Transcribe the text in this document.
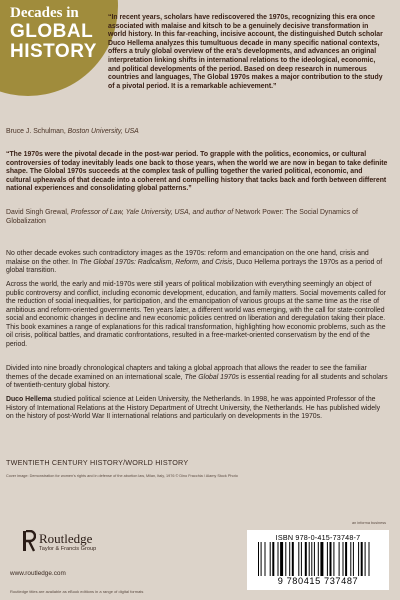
Decades in

GLOBAL

HISTORY

“In recent years, scholars have rediscovered the 1970s, recognizing this era once associated with malaise and kitsch to be a genuinely decisive transformation in world history. In this far-reaching, incisive account, the distinguished Dutch scholar Duco Hellema analyzes this tumultuous decade in many specific national contexts, offers a truly global overview of the era’s developments, and advances an original interpretation linking shifts in international relations to the ideological, economic, and political developments of the period. Based on deep research in numerous countries and languages, The Global 1970s makes a major contribution to the study of a pivotal period. It is a remarkable achievement.”
Bruce J. Schulman, Boston University, USA
“The 1970s were the pivotal decade in the post-war period. To grapple with the politics, economics, or cultural controversies of today inevitably leads one back to those years, when the world we are now in began to take definite shape. The Global 1970s succeeds at the complex task of pulling together the varied political, economic, and cultural upheavals of that decade into a coherent and compelling history that tacks back and forth between different national experiences and consolidating global patterns.”
David Singh Grewal, Professor of Law, Yale University, USA, and author of Network Power: The Social Dynamics of Globalization

No other decade evokes such contradictory images as the 1970s: reform and emancipation on the one hand, crisis and malaise on the other. In The Global 1970s: Radicalism, Reform, and Crisis, Duco Hellema portrays the 1970s as a period of global transition.

Across the world, the early and mid-1970s were still years of political mobilization with everything seemingly an object of public controversy and conflict, including economic development, education, and family matters. Social movements called for the reduction of social inequalities, for participation, and the emancipation of various groups at the same time as the rise of ambitious and reform-oriented governments. Ten years later, a different world was emerging, with the call for state-controlled social and economic changes in decline and new economic policies centred on liberation and deregulation taking their place. This book examines a range of explanations for this radical transformation, highlighting how economic problems, such as the oil crisis, political battles, and dramatic confrontations, resulted in a free-market-oriented conservatism by the end of the period.

Divided into nine broadly chronological chapters and taking a global approach that allows the reader to see the familiar themes of the decade examined on an international scale, The Global 1970s is essential reading for all students and scholars of twentieth-century global history.

Duco Hellema studied political science at Leiden University, the Netherlands. In 1998, he was appointed Professor of the History of International Relations at the History Department of Utrecht University, the Netherlands. He has published widely on the history of post-World War II international relations and particularly on developments in the 1970s.

TWENTIETH CENTURY HISTORY/WORLD HISTORY
Cover image: Demonstration for women's rights and in defense of the abortion law, Milan, Italy, 1976 © Dino Fracchia / Alamy Stock Photo
an informa business
Routledge
Taylor & Francis Group
www.routledge.com
Routledge titles are available as eBook editions in a range of digital formats
ISBN 978-0-415-73748-7
9 780415 737487
